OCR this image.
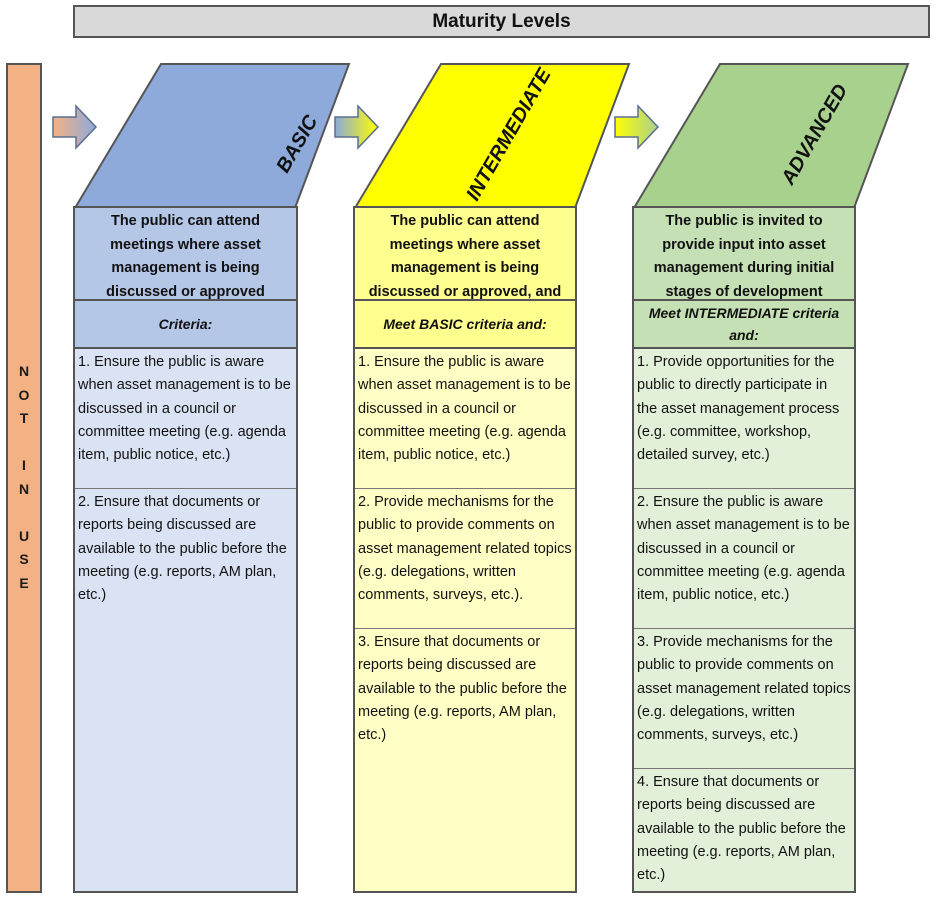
Maturity Levels
N
O
T
I
N
U
S
E
BASIC	INTERMEDIATE	ADVANCED
The public can attend meetings where asset management is being discussed or approved
Criteria:
1. Ensure the public is aware when asset management is to be discussed in a council or committee meeting (e.g. agenda item, public notice, etc.)
2. Ensure that documents or reports being discussed are available to the public before the meeting (e.g. reports, AM plan, etc.)
The public can attend meetings where asset management is being discussed or approved, and
Meet BASIC criteria and:
1. Ensure the public is aware when asset management is to be discussed in a council or committee meeting (e.g. agenda item, public notice, etc.)
2. Provide mechanisms for the public to provide comments on asset management related topics (e.g. delegations, written comments, surveys, etc.).
3. Ensure that documents or reports being discussed are available to the public before the meeting (e.g. reports, AM plan, etc.)
The public is invited to provide input into asset management during initial stages of development
Meet INTERMEDIATE criteria and:
1. Provide opportunities for the public to directly participate in the asset management process (e.g. committee, workshop, detailed survey, etc.)
2. Ensure the public is aware when asset management is to be discussed in a council or committee meeting (e.g. agenda item, public notice, etc.)
3. Provide mechanisms for the public to provide comments on asset management related topics (e.g. delegations, written comments, surveys, etc.)
4. Ensure that documents or reports being discussed are available to the public before the meeting (e.g. reports, AM plan, etc.)
